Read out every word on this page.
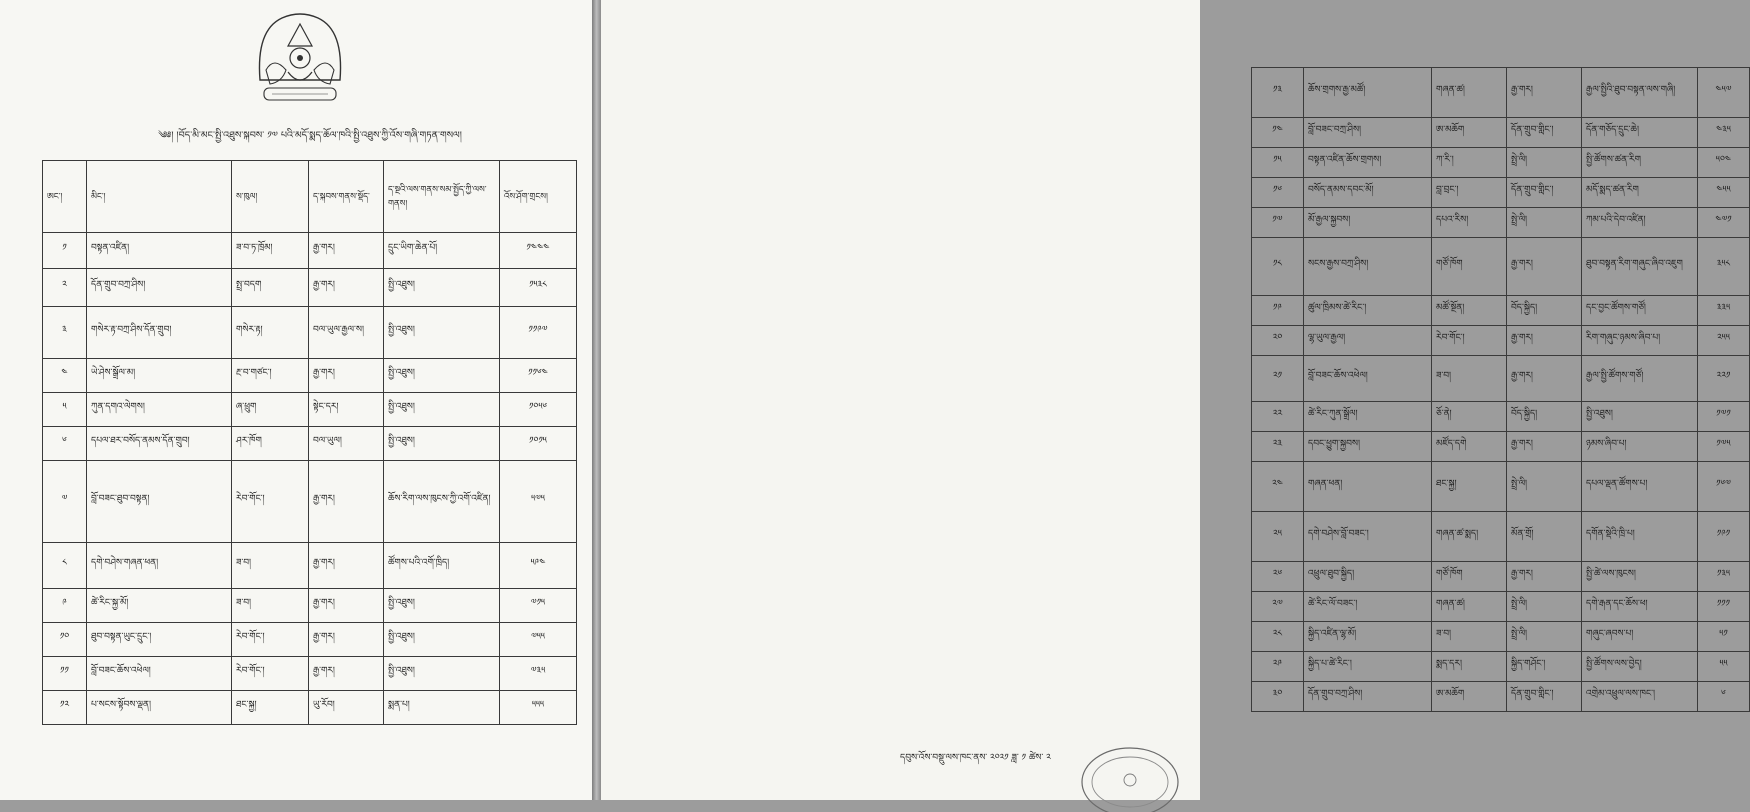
༄༅། །བོད་མི་མང་སྤྱི་འཐུས་སྐབས་ ༡༧ པའི་མདོ་སྨད་ཆོལ་ཁའི་སྤྱི་འཐུས་ཀྱི་འོས་གཞི་གཏན་གསལ།
ཨང་།	མིང་།	ས་ཁུལ།	ད་སྐབས་གནས་སྡོད་	ད་སྔའི་ལས་གནས་སམ་སྤྱོད་ཀྱི་ལས་གནས།	འོས་ཤོག་གྲངས།
༡	བསྟན་འཛིན།	ཟ་བ་ཏ་ཁྲོམ།	རྒྱ་གར།	དྲུང་ཡིག་ཆེན་པོ།	༡༤༤༤
༢	དོན་གྲུབ་བཀྲ་ཤིས།	སྤྲ་བདག	རྒྱ་གར།	སྤྱི་འཐུས།	༡༥༣༨
༣	གསེར་རྟ་བཀྲ་ཤིས་དོན་གྲུབ།	གསེར་རྟ།	བལ་ཡུལ་རྒྱལ་ས།	སྤྱི་འཐུས།	༡༡༩༧
༤	ཡེ་ཤེས་སྒྲོལ་མ།	རྔ་བ་གཙང་།	རྒྱ་གར།	སྤྱི་འཐུས།	༡༡༦༤
༥	ཀུན་དགའ་ལེགས།	ཞ་ཕྲུག	སྟེང་དར།	སྤྱི་འཐུས།	༡༠༥༦
༦	དཔལ་ཐར་བསོད་ནམས་དོན་གྲུབ།	ཤར་ཁོག	བལ་ཡུལ།	སྤྱི་འཐུས།	༡༠༡༥
༧	བློ་བཟང་ཐུབ་བསྟན།	རེབ་གོང་།	རྒྱ་གར།	ཆོས་རིག་ལས་ཁུངས་ཀྱི་འགོ་འཛིན།	༥༧༥
༨	དགེ་བཤེས་གཞན་ཕན།	ཟ་བ།	རྒྱ་གར།	ཚོགས་པའི་འགོ་ཁྲིད།	༥༩༤
༩	ཚེ་རིང་སྐྱ་མོ།	ཟ་བ།	རྒྱ་གར།	སྤྱི་འཐུས།	༧༡༥
༡༠	ཐུབ་བསྟན་ཡུང་དྲུང་།	རེབ་གོང་།	རྒྱ་གར།	སྤྱི་འཐུས།	༧༥༥
༡༡	བློ་བཟང་ཆོས་འཕེལ།	རེབ་གོང་།	རྒྱ་གར།	སྤྱི་འཐུས།	༧༣༥
༡༢	པ་སངས་སྟོབས་ལྡན།	ཐང་སྐྱ།	ཡུ་རོབ།	སྨན་པ།	༥༥༥
༡༣	ཆོས་གྲགས་རྒྱ་མཚོ།	གཞན་ཚ།	རྒྱ་གར།	རྒྱལ་སྤྱིའི་ཐུབ་བསྟན་ལས་གཞི།	༤༥༧
༡༤	བློ་བཟང་བཀྲ་ཤིས།	ཨ་མཆོག	དོན་གྲུབ་གླིང་།	དོན་གཅོད་དྲུང་ཆེ།	༤༣༥
༡༥	བསྟན་འཛིན་ཆོས་གྲགས།	ཀ་རི་།	སྤྲེ་ལི།	སྤྱི་ཚོགས་ཚན་རིག	༥༠༤
༡༦	བསོད་ནམས་དབང་མོ།	བླ་བྲང་།	དོན་གྲུབ་གླིང་།	མདོ་སྨད་ཚན་རིག	༤༥༥
༡༧	མོ་རྒྱལ་སྐྱབས།	དཔའ་རིས།	སྤྲེ་ལི།	ཀམ་པའི་དེབ་འཛིན།	༤༧༡
༡༨	སངས་རྒྱས་བཀྲ་ཤིས།	གཙོ་ཁོག	རྒྱ་གར།	ཐུབ་བསྟན་རིག་གཞུང་ཞིབ་འཇུག	༣༥༨
༡༩	ཚུལ་ཁྲིམས་ཚེ་རིང་།	མཚོ་སྔོན།	བོད་སྐྱིད།	དང་བྱང་ཚོགས་གཙོ།	༣༣༥
༢༠	ལྷ་ཡུལ་རྒྱལ།	རེབ་གོང་།	རྒྱ་གར།	རིག་གཞུང་ཉམས་ཞིབ་པ།	༢༥༥
༢༡	བློ་བཟང་ཆོས་འཕེལ།	ཟ་བ།	རྒྱ་གར།	རྒྱལ་སྤྱི་ཚོགས་གཙོ།	༢༢༡
༢༢	ཚེ་རིང་ཀུན་སྒྲོལ།	ཅོ་ནེ།	བོད་སྐྱིད།	སྤྱི་འཐུས།	༡༧༡
༢༣	དབང་ཕྱུག་སྐྱབས།	མཛོད་དགེ	རྒྱ་གར།	ཉམས་ཞིབ་པ།	༡༧༥
༢༤	གཞན་ཕན།	ཐང་སྐྱ།	སྤྲེ་ལི།	དཔལ་ལྡན་ཚོགས་པ།	༡༦༧
༢༥	དགེ་བཤེས་བློ་བཟང་།	གཞན་ཚ་སྨད།	མོན་གྲོ།	དགོན་སྡེའི་ཁྲི་པ།	༡༩༡
༢༦	འཕྲུལ་ཐུབ་སྐྱིད།	གཙོ་ཁོག	རྒྱ་གར།	སྤྱི་ཚེ་ལས་ཁུངས།	༡༣༥
༢༧	ཚེ་རིང་ལོ་བཟང་།	གཞན་ཚ།	སྤྲེ་ལི།	དགེ་རྒན་དང་ཆོས་ཕ།	༡༡༡
༢༨	སྐྱིད་འཛིན་ལྷ་མོ།	ཟ་བ།	སྤྲེ་ལི།	གཞུང་ཞབས་པ།	༥༡
༢༩	སྐྱིད་པ་ཚེ་རིང་།	སྨད་དར།	སྐྱིད་གཤོང་།	སྤྱི་ཚོགས་ལས་བྱེད།	༥༥
༣༠	དོན་གྲུབ་བཀྲ་ཤིས།	ཨ་མཆོག	དོན་གྲུབ་གླིང་།	འགྲེམ་འཕྲུལ་ལས་ཁང་།	༦
དབུས་འོས་བསྡུ་ལས་ཁང་ནས་ ༢༠༢༡ ཟླ་ ༡ ཚེས་ ༢
